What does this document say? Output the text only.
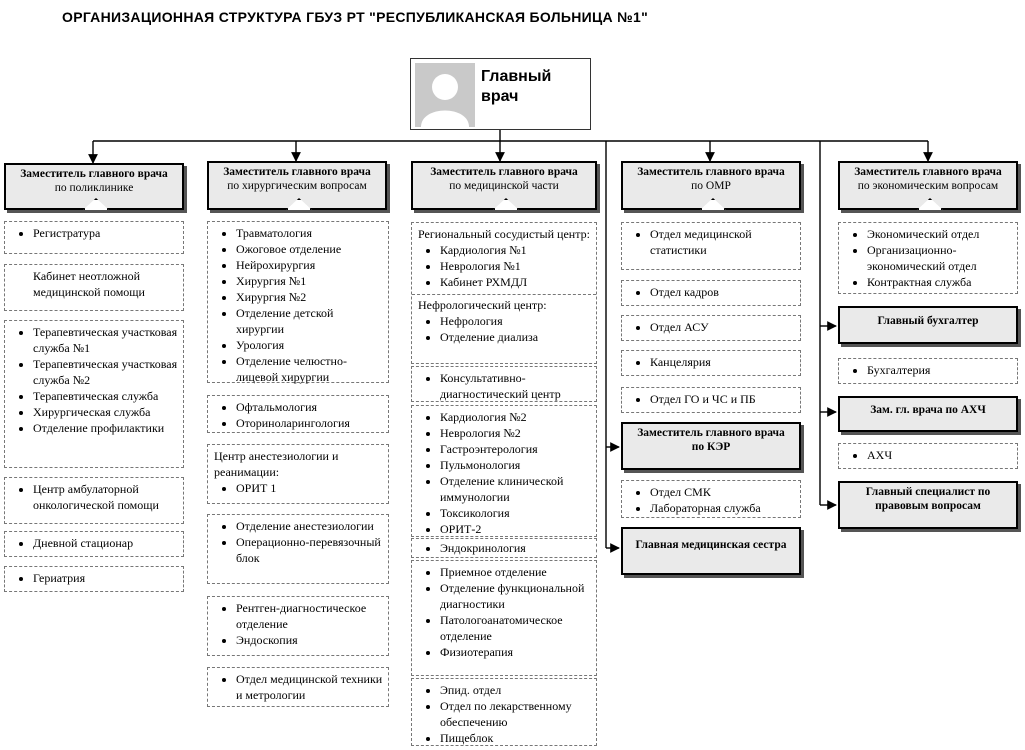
ОРГАНИЗАЦИОННАЯ СТРУКТУРА ГБУЗ РТ "РЕСПУБЛИКАНСКАЯ БОЛЬНИЦА №1"
Главный
врач
Заместитель главного врача
по поликлинике
• Регистратура
Кабинет неотложной медицинской помощи
• Терапевтическая участковая служба №1
• Терапевтическая участковая служба №2
• Терапевтическая служба
• Хирургическая служба
• Отделение профилактики
• Центр амбулаторной онкологической помощи
• Дневной стационар
• Гериатрия
Заместитель главного врача
по хирургическим вопросам
• Травматология
• Ожоговое отделение
• Нейрохирургия
• Хирургия №1
• Хирургия №2
• Отделение детской хирургии
• Урология
• Отделение челюстно-лицевой хирургии
• Офтальмология
• Оториноларингология
Центр анестезиологии и реанимации:
• ОРИТ 1
• Отделение анестезиологии
• Операционно-перевязочный блок
• Рентген-диагностическое отделение
• Эндоскопия
• Отдел медицинской техники и метрологии
Заместитель главного врача
по медицинской части
Региональный сосудистый центр:
• Кардиология №1
• Неврология №1
• Кабинет РХМДЛ
Нефрологический центр:
• Нефрология
• Отделение диализа
• Консультативно-диагностический центр
• Кардиология №2
• Неврология №2
• Гастроэнтерология
• Пульмонология
• Отделение клинической иммунологии
• Токсикология
• ОРИТ-2
• Эндокринология
• Приемное отделение
• Отделение функциональной диагностики
• Патологоанатомическое отделение
• Физиотерапия
• Эпид. отдел
• Отдел по лекарственному обеспечению
• Пищеблок
Заместитель главного врача
по ОМР
• Отдел медицинской статистики
• Отдел кадров
• Отдел АСУ
• Канцелярия
• Отдел ГО и ЧС и ПБ
Заместитель главного врача
по КЭР
• Отдел СМК
• Лабораторная служба
Главная медицинская сестра
Заместитель главного врача
по экономическим вопросам
• Экономический отдел
• Организационно-экономический отдел
• Контрактная служба
Главный бухгалтер
• Бухгалтерия
Зам. гл. врача по АХЧ
• АХЧ
Главный специалист по правовым вопросам
